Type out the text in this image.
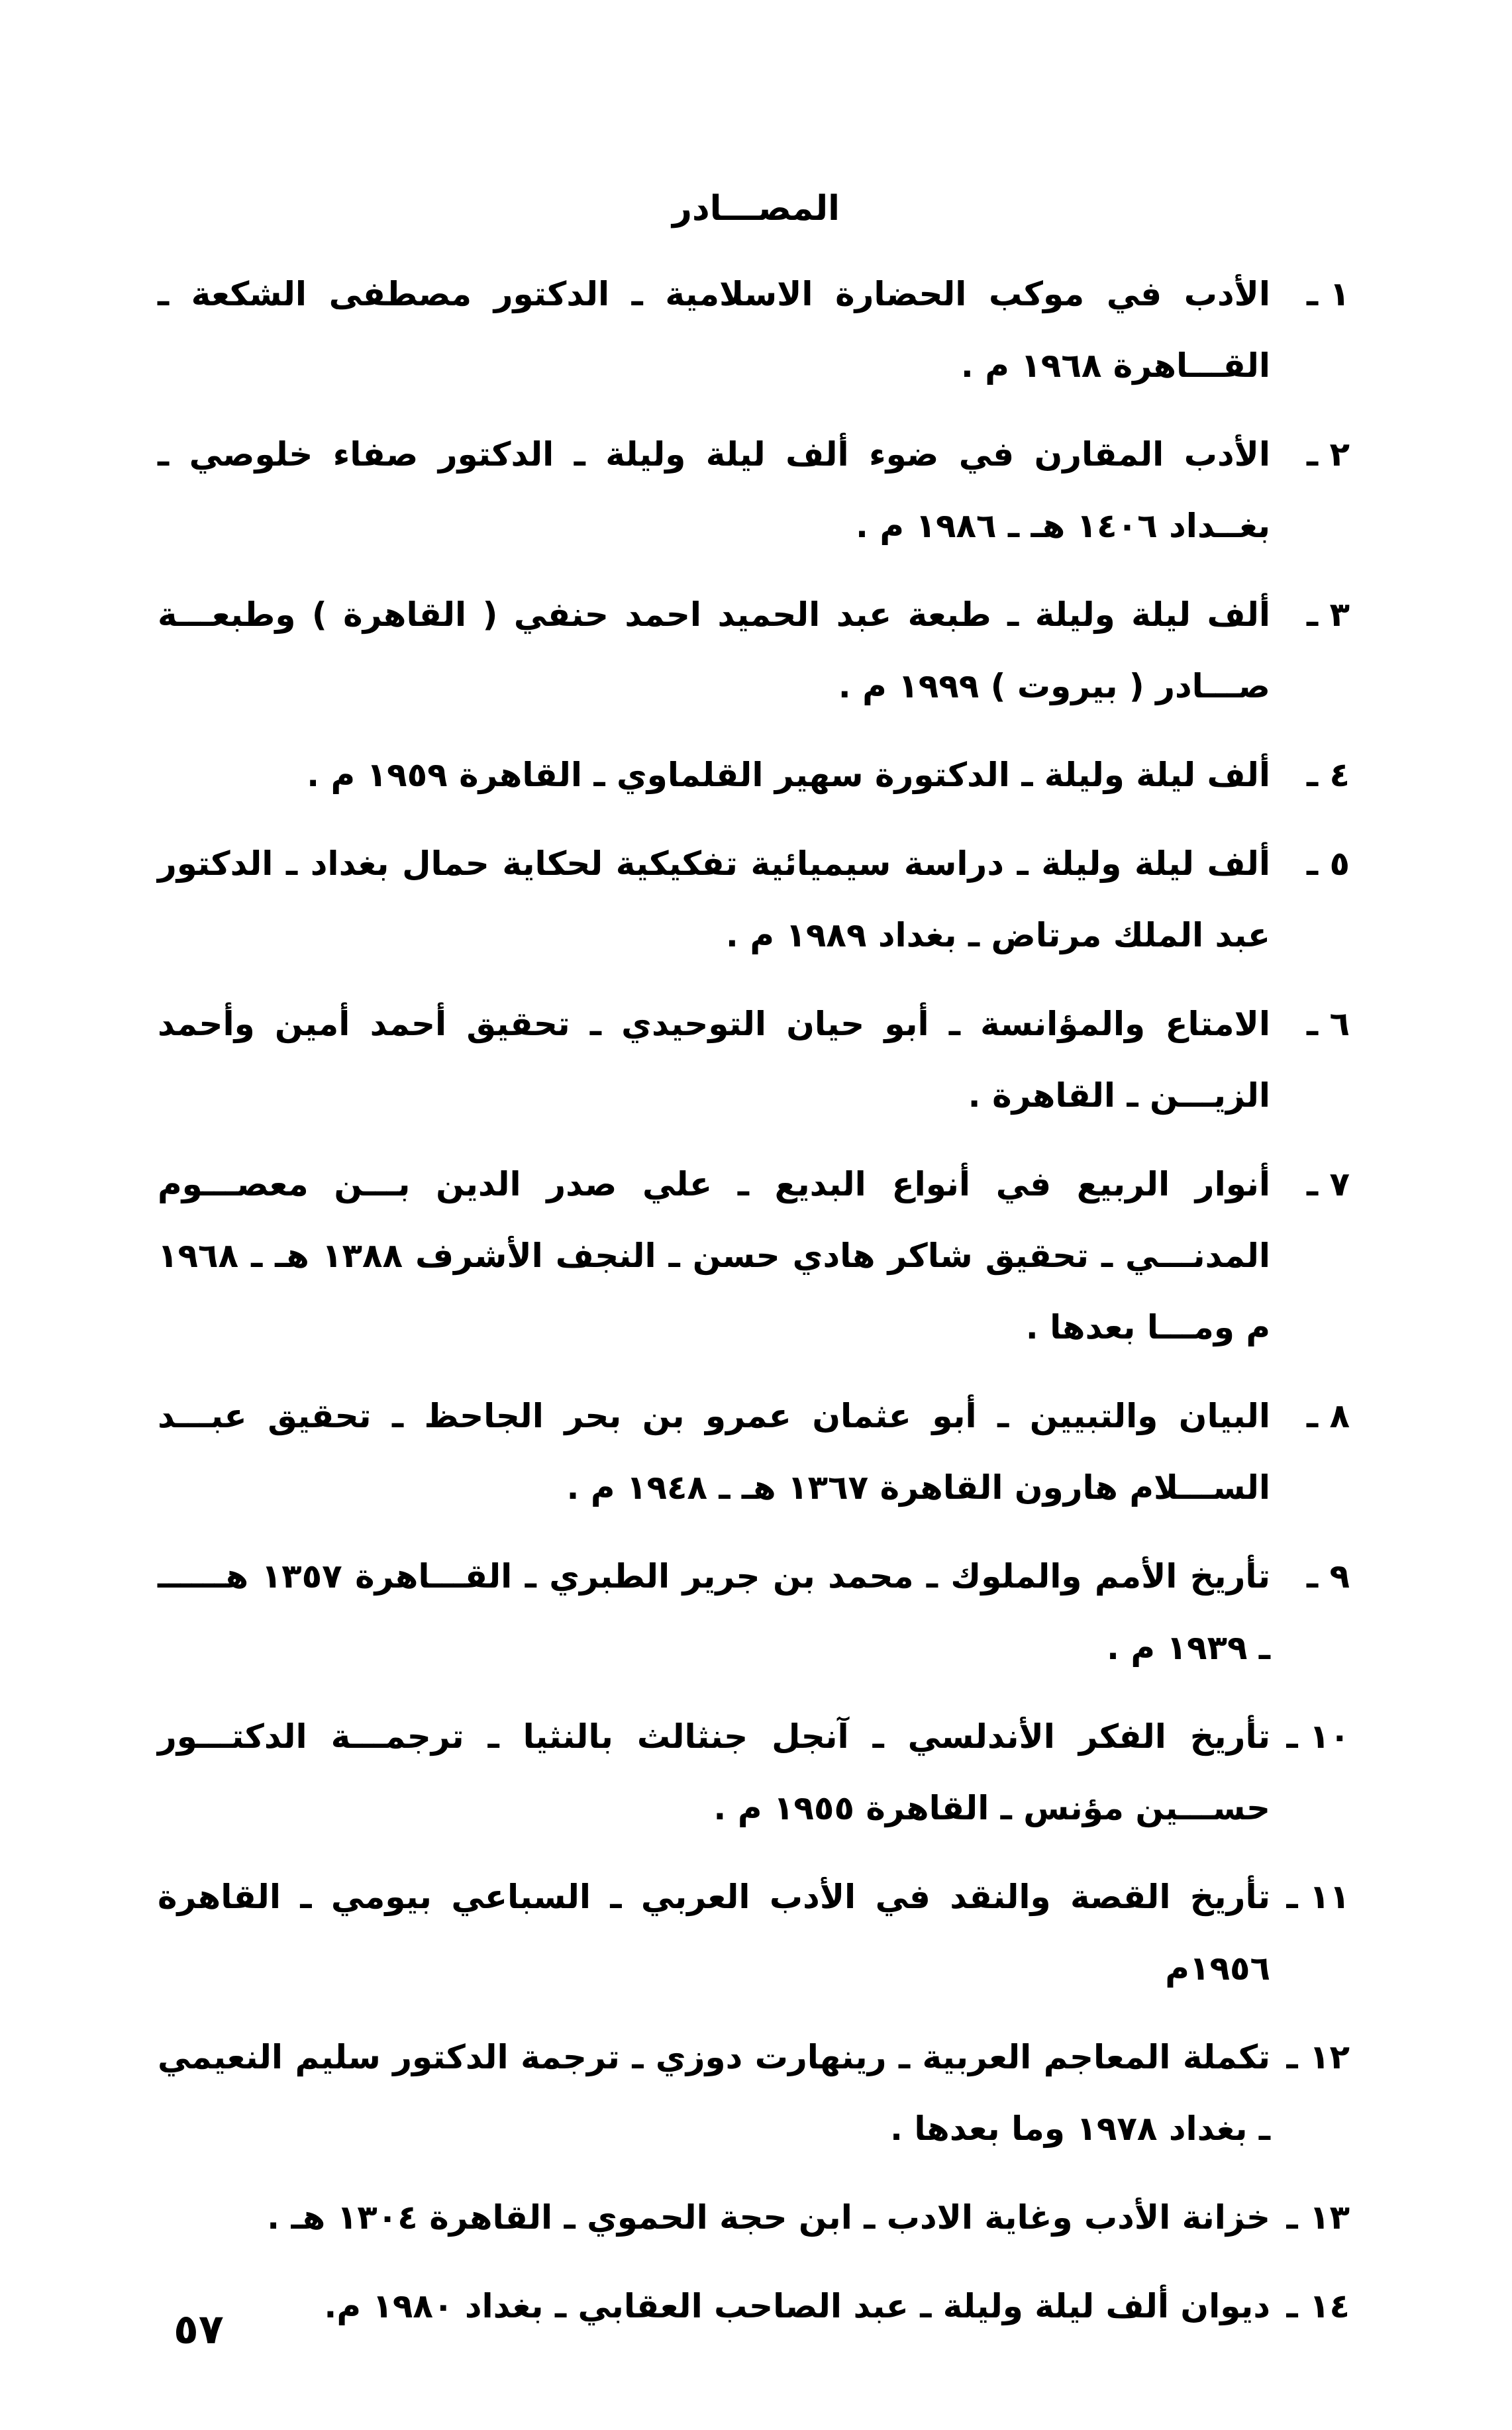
المصـــادر
١ ـ
الأدب في موكب الحضارة الاسلامية ـ الدكتور مصطفى الشكعة ـ القـــاهرة ١٩٦٨ م .
٢ ـ
الأدب المقارن في ضوء ألف ليلة وليلة ـ الدكتور صفاء خلوصي ـ بغــداد ١٤٠٦ هـ ـ ١٩٨٦ م .
٣ ـ
ألف ليلة وليلة ـ طبعة عبد الحميد احمد حنفي ( القاهرة ) وطبعـــة صـــادر ( بيروت ) ١٩٩٩ م .
٤ ـ
ألف ليلة وليلة ـ الدكتورة سهير القلماوي ـ القاهرة ١٩٥٩ م .
٥ ـ
ألف ليلة وليلة ـ دراسة سيميائية تفكيكية لحكاية حمال بغداد ـ الدكتور عبد الملك مرتاض ـ بغداد ١٩٨٩ م .
٦ ـ
الامتاع والمؤانسة ـ أبو حيان التوحيدي ـ تحقيق أحمد أمين وأحمد الزيـــن ـ القاهرة .
٧ ـ
أنوار الربيع في أنواع البديع ـ علي صدر الدين بـــن معصـــوم المدنـــي ـ تحقيق شاكر هادي حسن ـ النجف الأشرف ١٣٨٨ هـ ـ ١٩٦٨ م ومـــا بعدها .
٨ ـ
البيان والتبيين ـ أبو عثمان عمرو بن بحر الجاحظ ـ تحقيق عبـــد الســـلام هارون القاهرة ١٣٦٧ هـ ـ ١٩٤٨ م .
٩ ـ
تأريخ الأمم والملوك ـ محمد بن جرير الطبري ـ القـــاهرة ١٣٥٧ هــــــ ـ ١٩٣٩ م .
١٠ ـ
تأريخ الفكر الأندلسي ـ آنجل جنثالث بالنثيا ـ ترجمـــة الدكتـــور حســـين مؤنس ـ القاهرة ١٩٥٥ م .
١١ ـ
تأريخ القصة والنقد في الأدب العربي ـ السباعي بيومي ـ القاهرة ١٩٥٦م
١٢ ـ
تكملة المعاجم العربية ـ رينهارت دوزي ـ ترجمة الدكتور سليم النعيمي ـ بغداد ١٩٧٨ وما بعدها .
١٣ ـ
خزانة الأدب وغاية الادب ـ ابن حجة الحموي ـ القاهرة ١٣٠٤ هـ .
١٤ ـ
ديوان ألف ليلة وليلة ـ عبد الصاحب العقابي ـ بغداد ١٩٨٠ م.
٥٧
